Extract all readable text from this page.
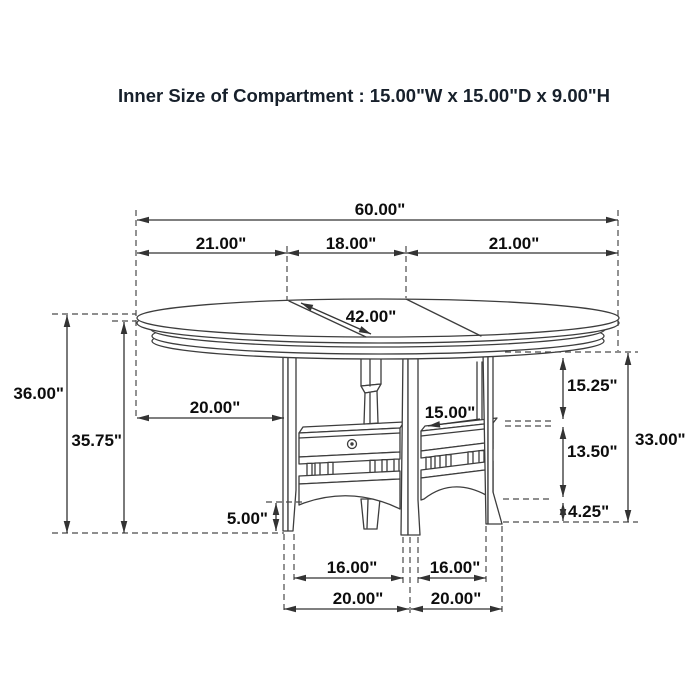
Inner Size of Compartment : 15.00"W x 15.00"D x 9.00"H
60.00"
21.00"	18.00"	21.00"
42.00"
36.00"
35.75"
20.00"	15.00"
5.00"
15.25"
13.50"
4.25"
33.00"
16.00"	16.00"
20.00"	20.00"
